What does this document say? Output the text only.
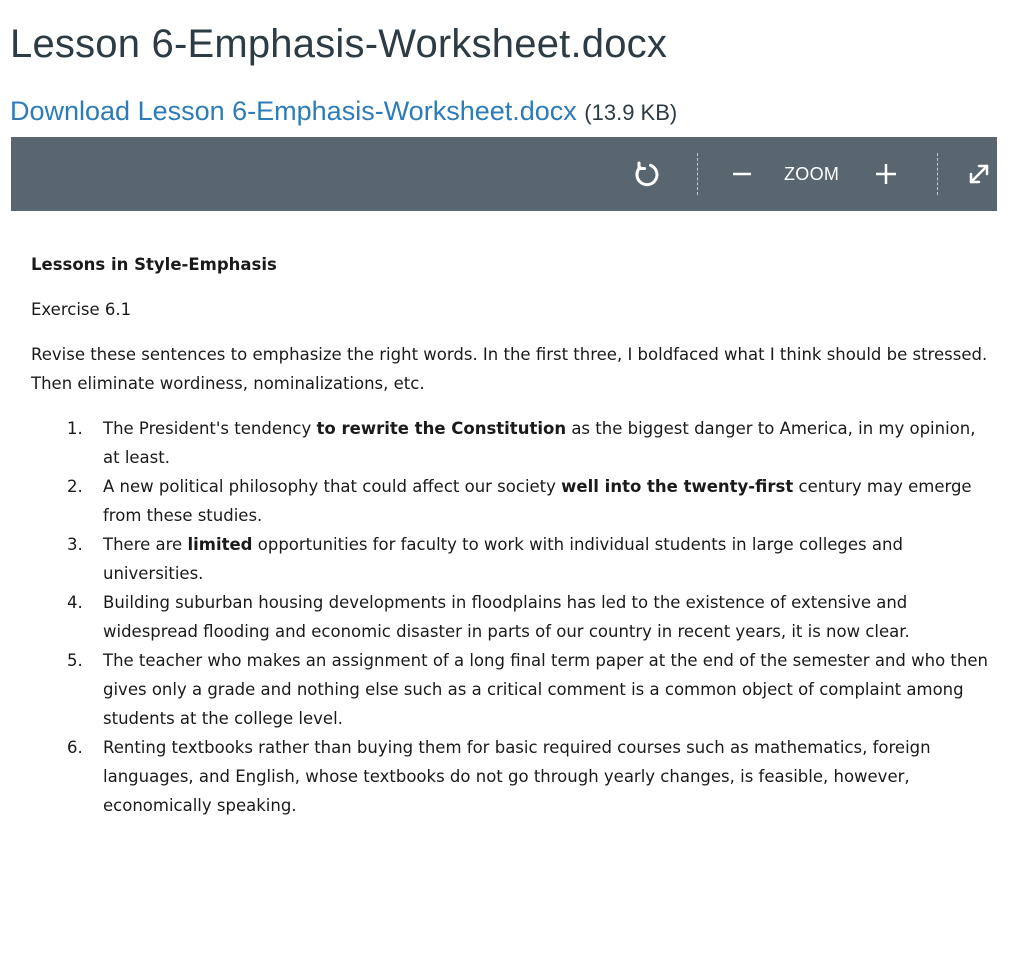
Lesson 6-Emphasis-Worksheet.docx
Download Lesson 6-Emphasis-Worksheet.docx (13.9 KB)
ZOOM

Lessons in Style-Emphasis

Exercise 6.1

Revise these sentences to emphasize the right words. In the first three, I boldfaced what I think should be stressed. Then eliminate wordiness, nominalizations, etc.

1. The President's tendency to rewrite the Constitution as the biggest danger to America, in my opinion, at least.
2. A new political philosophy that could affect our society well into the twenty-first century may emerge from these studies.
3. There are limited opportunities for faculty to work with individual students in large colleges and universities.
4. Building suburban housing developments in floodplains has led to the existence of extensive and widespread flooding and economic disaster in parts of our country in recent years, it is now clear.
5. The teacher who makes an assignment of a long final term paper at the end of the semester and who then gives only a grade and nothing else such as a critical comment is a common object of complaint among students at the college level.
6. Renting textbooks rather than buying them for basic required courses such as mathematics, foreign languages, and English, whose textbooks do not go through yearly changes, is feasible, however, economically speaking.
